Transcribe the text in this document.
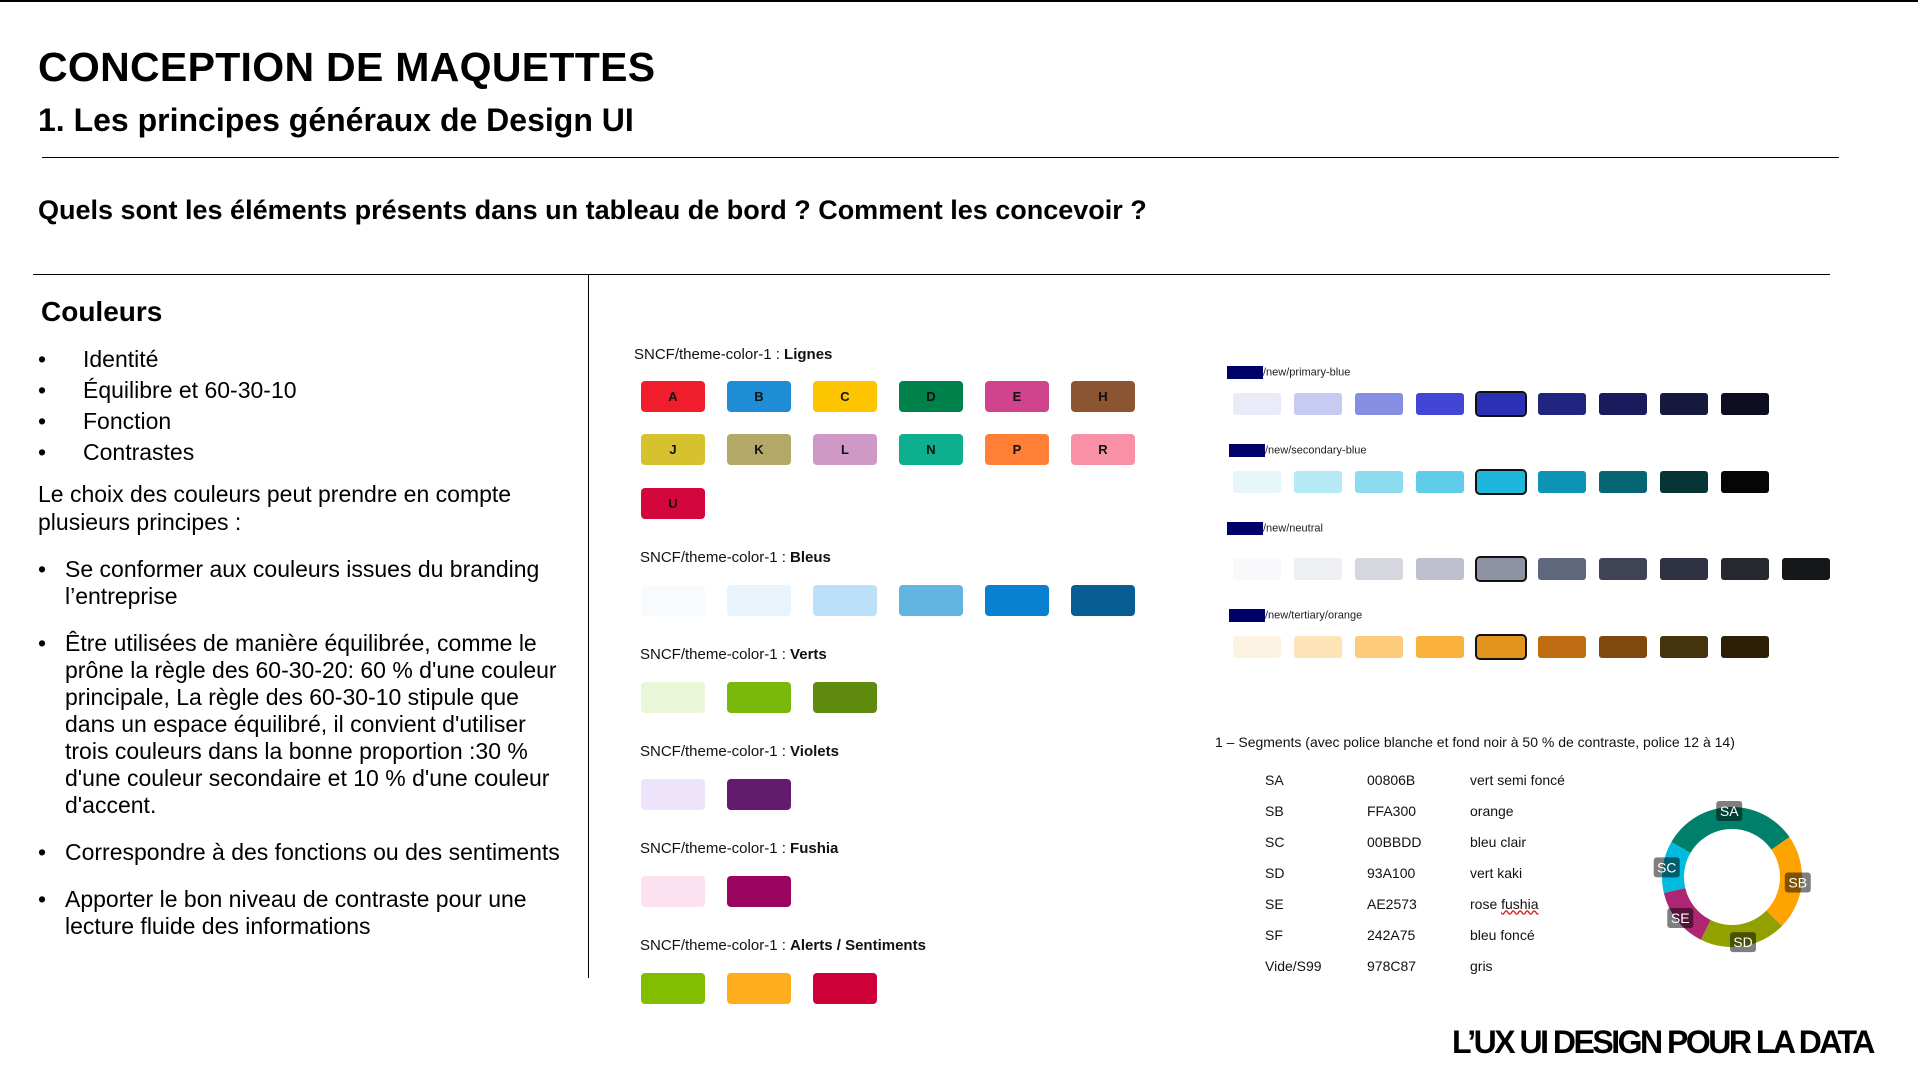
CONCEPTION DE MAQUETTES
1. Les principes généraux de Design UI
Quels sont les éléments présents dans un tableau de bord ? Comment les concevoir ?
Couleurs
• Identité
• Équilibre et 60-30-10
• Fonction
• Contrastes
Le choix des couleurs peut prendre en compte plusieurs principes :
• Se conformer aux couleurs issues du branding l’entreprise
• Être utilisées de manière équilibrée, comme le prône la règle des 60-30-20: 60 % d'une couleur principale, La règle des 60-30-10 stipule que dans un espace équilibré, il convient d'utiliser trois couleurs dans la bonne proportion :30 % d'une couleur secondaire et 10 % d'une couleur d'accent.
• Correspondre à des fonctions ou des sentiments
• Apporter le bon niveau de contraste pour une lecture fluide des informations
SNCF/theme-color-1 : Lignes
A	B	C	D	E	H
J	K	L	N	P	R
U
SNCF/theme-color-1 : Bleus
SNCF/theme-color-1 : Verts
SNCF/theme-color-1 : Violets
SNCF/theme-color-1 : Fushia
SNCF/theme-color-1 : Alerts / Sentiments
/new/primary-blue
/new/secondary-blue
/new/neutral
/new/tertiary/orange
1 – Segments (avec police blanche et fond noir à 50 % de contraste, police 12 à 14)
SA	00806B	vert semi foncé
SB	FFA300	orange
SC	00BBDD	bleu clair
SD	93A100	vert kaki
SE	AE2573	rose fushia
SF	242A75	bleu foncé
Vide/S99	978C87	gris
SA
SB
SD
SE
SC
L’UX UI DESIGN POUR LA DATA
